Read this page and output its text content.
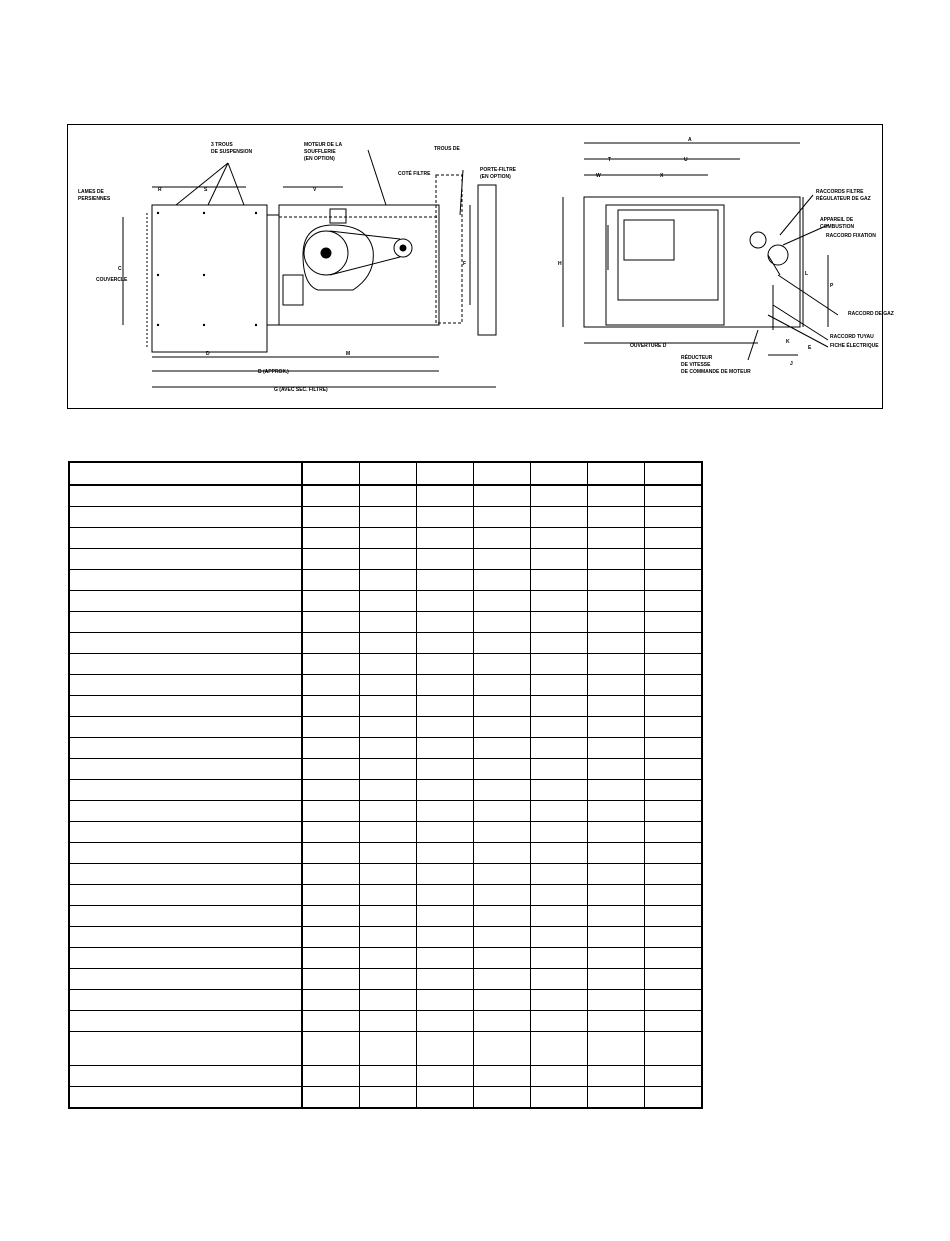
3 TROUS
DE SUSPENSION
LAMES DE
PERSIENNES
COUVERCLE
MOTEUR DE LA
SOUFFLERIE
(EN OPTION)
TROUS DE
COTÉ FILTRE
PORTE-FILTRE
(EN OPTION)
B (APPROX.)
G (AVEC SEC. FILTRE)
R	S	V
D	M
C
F
RACCORDS FILTRE
RÉGULATEUR DE GAZ
APPAREIL DE
COMBUSTION
RACCORD FIXATION
RACCORD DE GAZ
RACCORD TUYAU
FICHE ÉLECTRIQUE
OUVERTURE D
RÉDUCTEUR
DE VITESSE
DE COMMANDE DE MOTEUR
A
T	U
W	X
H
L
P
K
E
J
